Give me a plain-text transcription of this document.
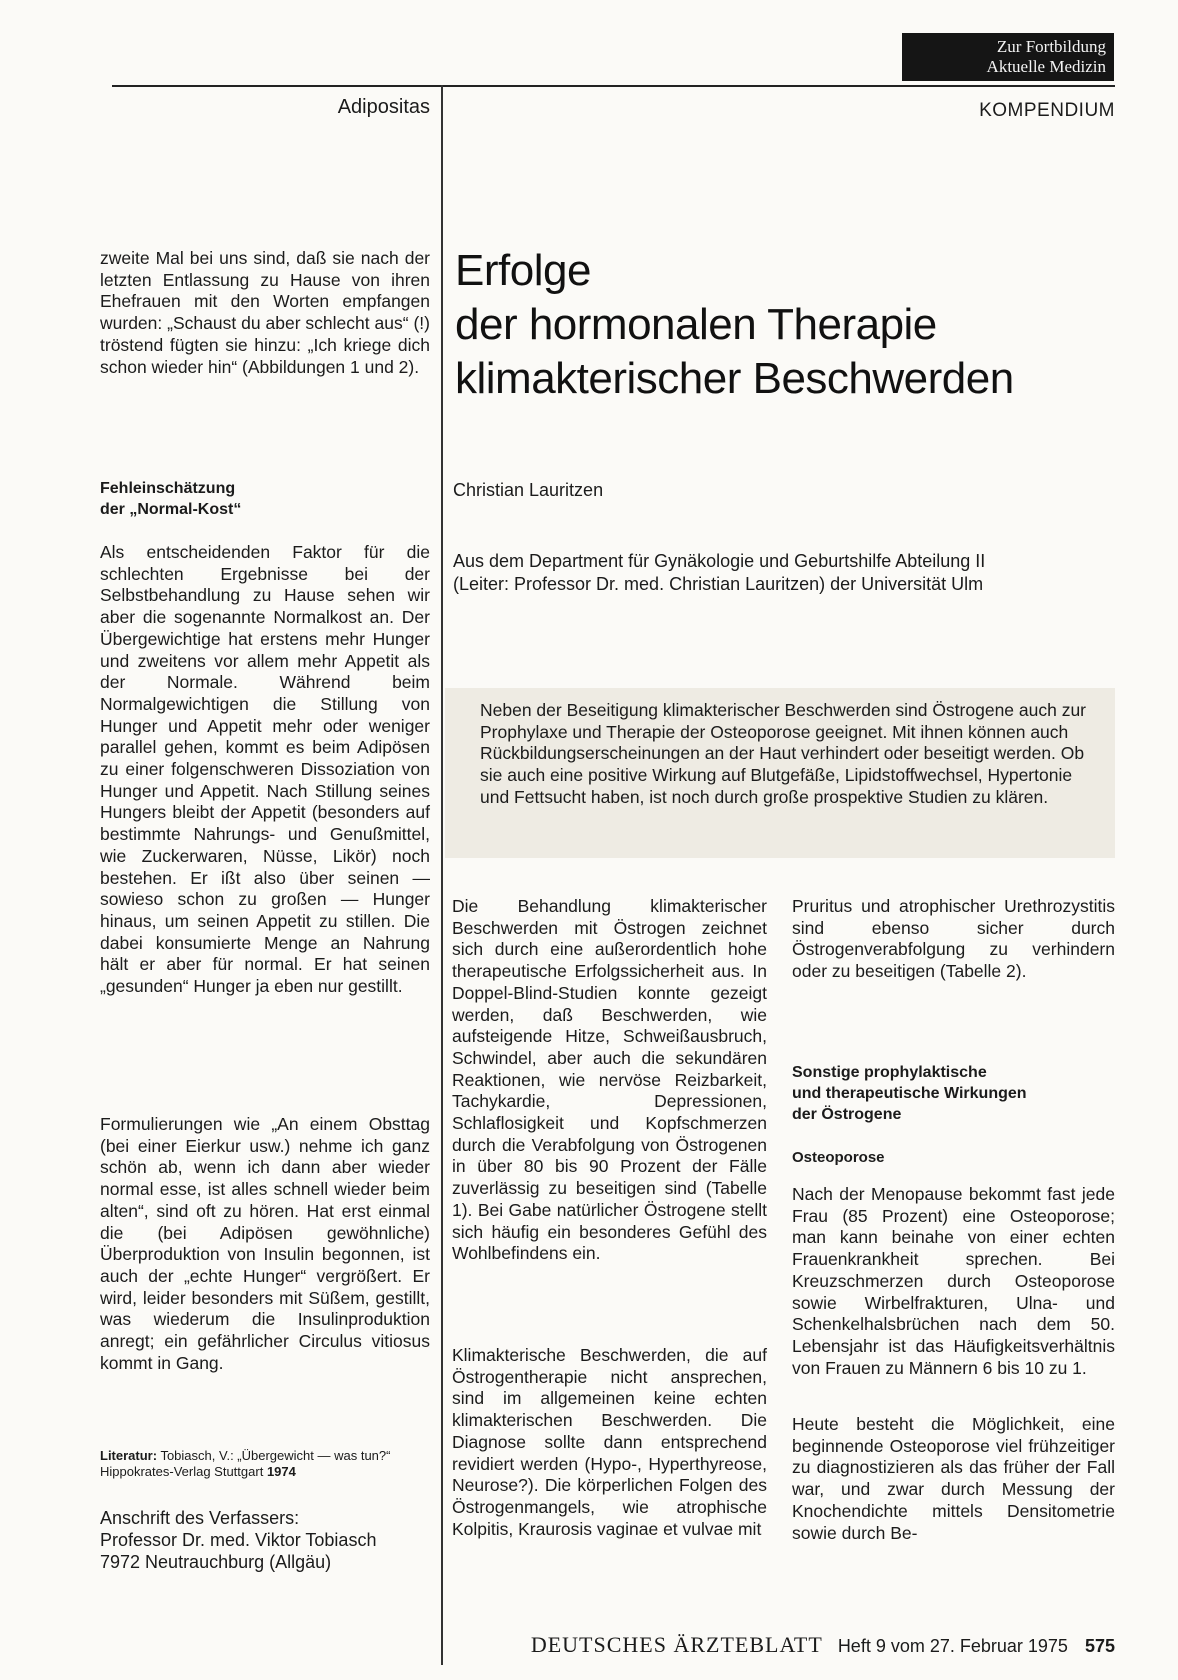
Zur Fortbildung
Aktuelle Medizin
Adipositas	KOMPENDIUM

zweite Mal bei uns sind, daß sie nach der letzten Entlassung zu Hause von ihren Ehefrauen mit den Worten empfangen wurden: „Schaust du aber schlecht aus“ (!) tröstend fügten sie hinzu: „Ich kriege dich schon wieder hin“ (Abbildungen 1 und 2).

Fehleinschätzung
der „Normal-Kost“

Als entscheidenden Faktor für die schlechten Ergebnisse bei der Selbstbehandlung zu Hause sehen wir aber die sogenannte Normalkost an. Der Übergewichtige hat erstens mehr Hunger und zweitens vor allem mehr Appetit als der Normale. Während beim Normalgewichtigen die Stillung von Hunger und Appetit mehr oder weniger parallel gehen, kommt es beim Adipösen zu einer folgenschweren Dissoziation von Hunger und Appetit. Nach Stillung seines Hungers bleibt der Appetit (besonders auf bestimmte Nahrungs- und Genußmittel, wie Zuckerwaren, Nüsse, Likör) noch bestehen. Er ißt also über seinen — sowieso schon zu großen — Hunger hinaus, um seinen Appetit zu stillen. Die dabei konsumierte Menge an Nahrung hält er aber für normal. Er hat seinen „gesunden“ Hunger ja eben nur gestillt.

Formulierungen wie „An einem Obsttag (bei einer Eierkur usw.) nehme ich ganz schön ab, wenn ich dann aber wieder normal esse, ist alles schnell wieder beim alten“, sind oft zu hören. Hat erst einmal die (bei Adipösen gewöhnliche) Überproduktion von Insulin begonnen, ist auch der „echte Hunger“ vergrößert. Er wird, leider besonders mit Süßem, gestillt, was wiederum die Insulinproduktion anregt; ein gefährlicher Circulus vitiosus kommt in Gang.

Literatur: Tobiasch, V.: „Übergewicht — was tun?“ Hippokrates-Verlag Stuttgart 1974
Anschrift des Verfassers:
Professor Dr. med. Viktor Tobiasch
7972 Neutrauchburg (Allgäu)
Erfolge
der hormonalen Therapie
klimakterischer Beschwerden
Christian Lauritzen
Aus dem Department für Gynäkologie und Geburtshilfe Abteilung II
(Leiter: Professor Dr. med. Christian Lauritzen) der Universität Ulm
Neben der Beseitigung klimakterischer Beschwerden sind Östrogene auch zur Prophylaxe und Therapie der Osteoporose geeignet. Mit ihnen können auch Rückbildungserscheinungen an der Haut verhindert oder beseitigt werden. Ob sie auch eine positive Wirkung auf Blutgefäße, Lipidstoffwechsel, Hypertonie und Fettsucht haben, ist noch durch große prospektive Studien zu klären.

Die Behandlung klimakterischer Beschwerden mit Östrogen zeichnet sich durch eine außerordentlich hohe therapeutische Erfolgssicherheit aus. In Doppel-Blind-Studien konnte gezeigt werden, daß Beschwerden, wie aufsteigende Hitze, Schweißausbruch, Schwindel, aber auch die sekundären Reaktionen, wie nervöse Reizbarkeit, Tachykardie, Depressionen, Schlaflosigkeit und Kopfschmerzen durch die Verabfolgung von Östrogenen in über 80 bis 90 Prozent der Fälle zuverlässig zu beseitigen sind (Tabelle 1). Bei Gabe natürlicher Östrogene stellt sich häufig ein besonderes Gefühl des Wohlbefindens ein.

Klimakterische Beschwerden, die auf Östrogentherapie nicht ansprechen, sind im allgemeinen keine echten klimakterischen Beschwerden. Die Diagnose sollte dann entsprechend revidiert werden (Hypo-, Hyperthyreose, Neurose?). Die körperlichen Folgen des Östrogenmangels, wie atrophische Kolpitis, Kraurosis vaginae et vulvae mit

Pruritus und atrophischer Urethrozystitis sind ebenso sicher durch Östrogenverabfolgung zu verhindern oder zu beseitigen (Tabelle 2).

Sonstige prophylaktische
und therapeutische Wirkungen
der Östrogene
Osteoporose

Nach der Menopause bekommt fast jede Frau (85 Prozent) eine Osteoporose; man kann beinahe von einer echten Frauenkrankheit sprechen. Bei Kreuzschmerzen durch Osteoporose sowie Wirbelfrakturen, Ulna- und Schenkelhalsbrüchen nach dem 50. Lebensjahr ist das Häufigkeitsverhältnis von Frauen zu Männern 6 bis 10 zu 1.

Heute besteht die Möglichkeit, eine beginnende Osteoporose viel frühzeitiger zu diagnostizieren als das früher der Fall war, und zwar durch Messung der Knochendichte mittels Densitometrie sowie durch Be-

DEUTSCHES ÄRZTEBLATT Heft 9 vom 27. Februar 1975 575
